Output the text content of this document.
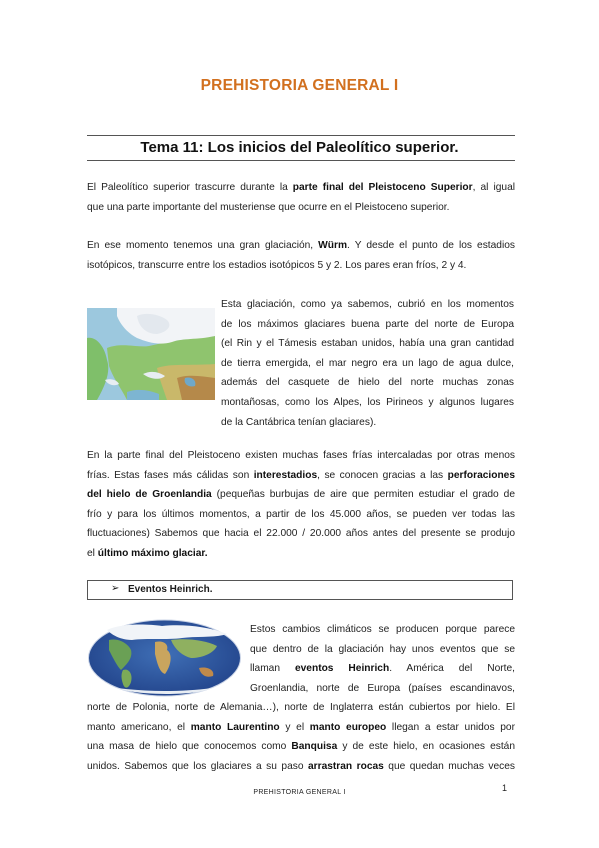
PREHISTORIA GENERAL I
Tema 11: Los inicios del Paleolítico superior.
El Paleolítico superior trascurre durante la parte final del Pleistoceno Superior, al igual
que una parte importante del musteriense que ocurre en el Pleistoceno superior.
En ese momento tenemos una gran glaciación, Würm. Y desde el punto de los estadios
isotópicos, transcurre entre los estadios isotópicos 5 y 2. Los pares eran fríos, 2 y 4.
Esta glaciación, como ya sabemos, cubrió en los momentos
de los máximos glaciares buena parte del norte de Europa
(el Rin y el Támesis estaban unidos, había una gran cantidad
de tierra emergida, el mar negro era un lago de agua dulce,
además del casquete de hielo del norte muchas zonas
montañosas, como los Alpes, los Pirineos y algunos lugares
de la Cantábrica tenían glaciares).
En la parte final del Pleistoceno existen muchas fases frías intercaladas por otras menos
frías. Estas fases más cálidas son interestadios, se conocen gracias a las perforaciones
del hielo de Groenlandia (pequeñas burbujas de aire que permiten estudiar el grado de
frío y para los últimos momentos, a partir de los 45.000 años, se pueden ver todas las
fluctuaciones) Sabemos que hacia el 22.000 / 20.000 años antes del presente se produjo
el último máximo glaciar.
➢ Eventos Heinrich.
Estos cambios climáticos se producen porque parece
que dentro de la glaciación hay unos eventos que se
llaman eventos Heinrich. América del Norte,
Groenlandia, norte de Europa (países escandinavos,
norte de Polonia, norte de Alemania…), norte de Inglaterra están cubiertos por hielo. El
manto americano, el manto Laurentino y el manto europeo llegan a estar unidos por
una masa de hielo que conocemos como Banquisa y de este hielo, en ocasiones están
unidos. Sabemos que los glaciares a su paso arrastran rocas que quedan muchas veces
PREHISTORIA GENERAL I	1
